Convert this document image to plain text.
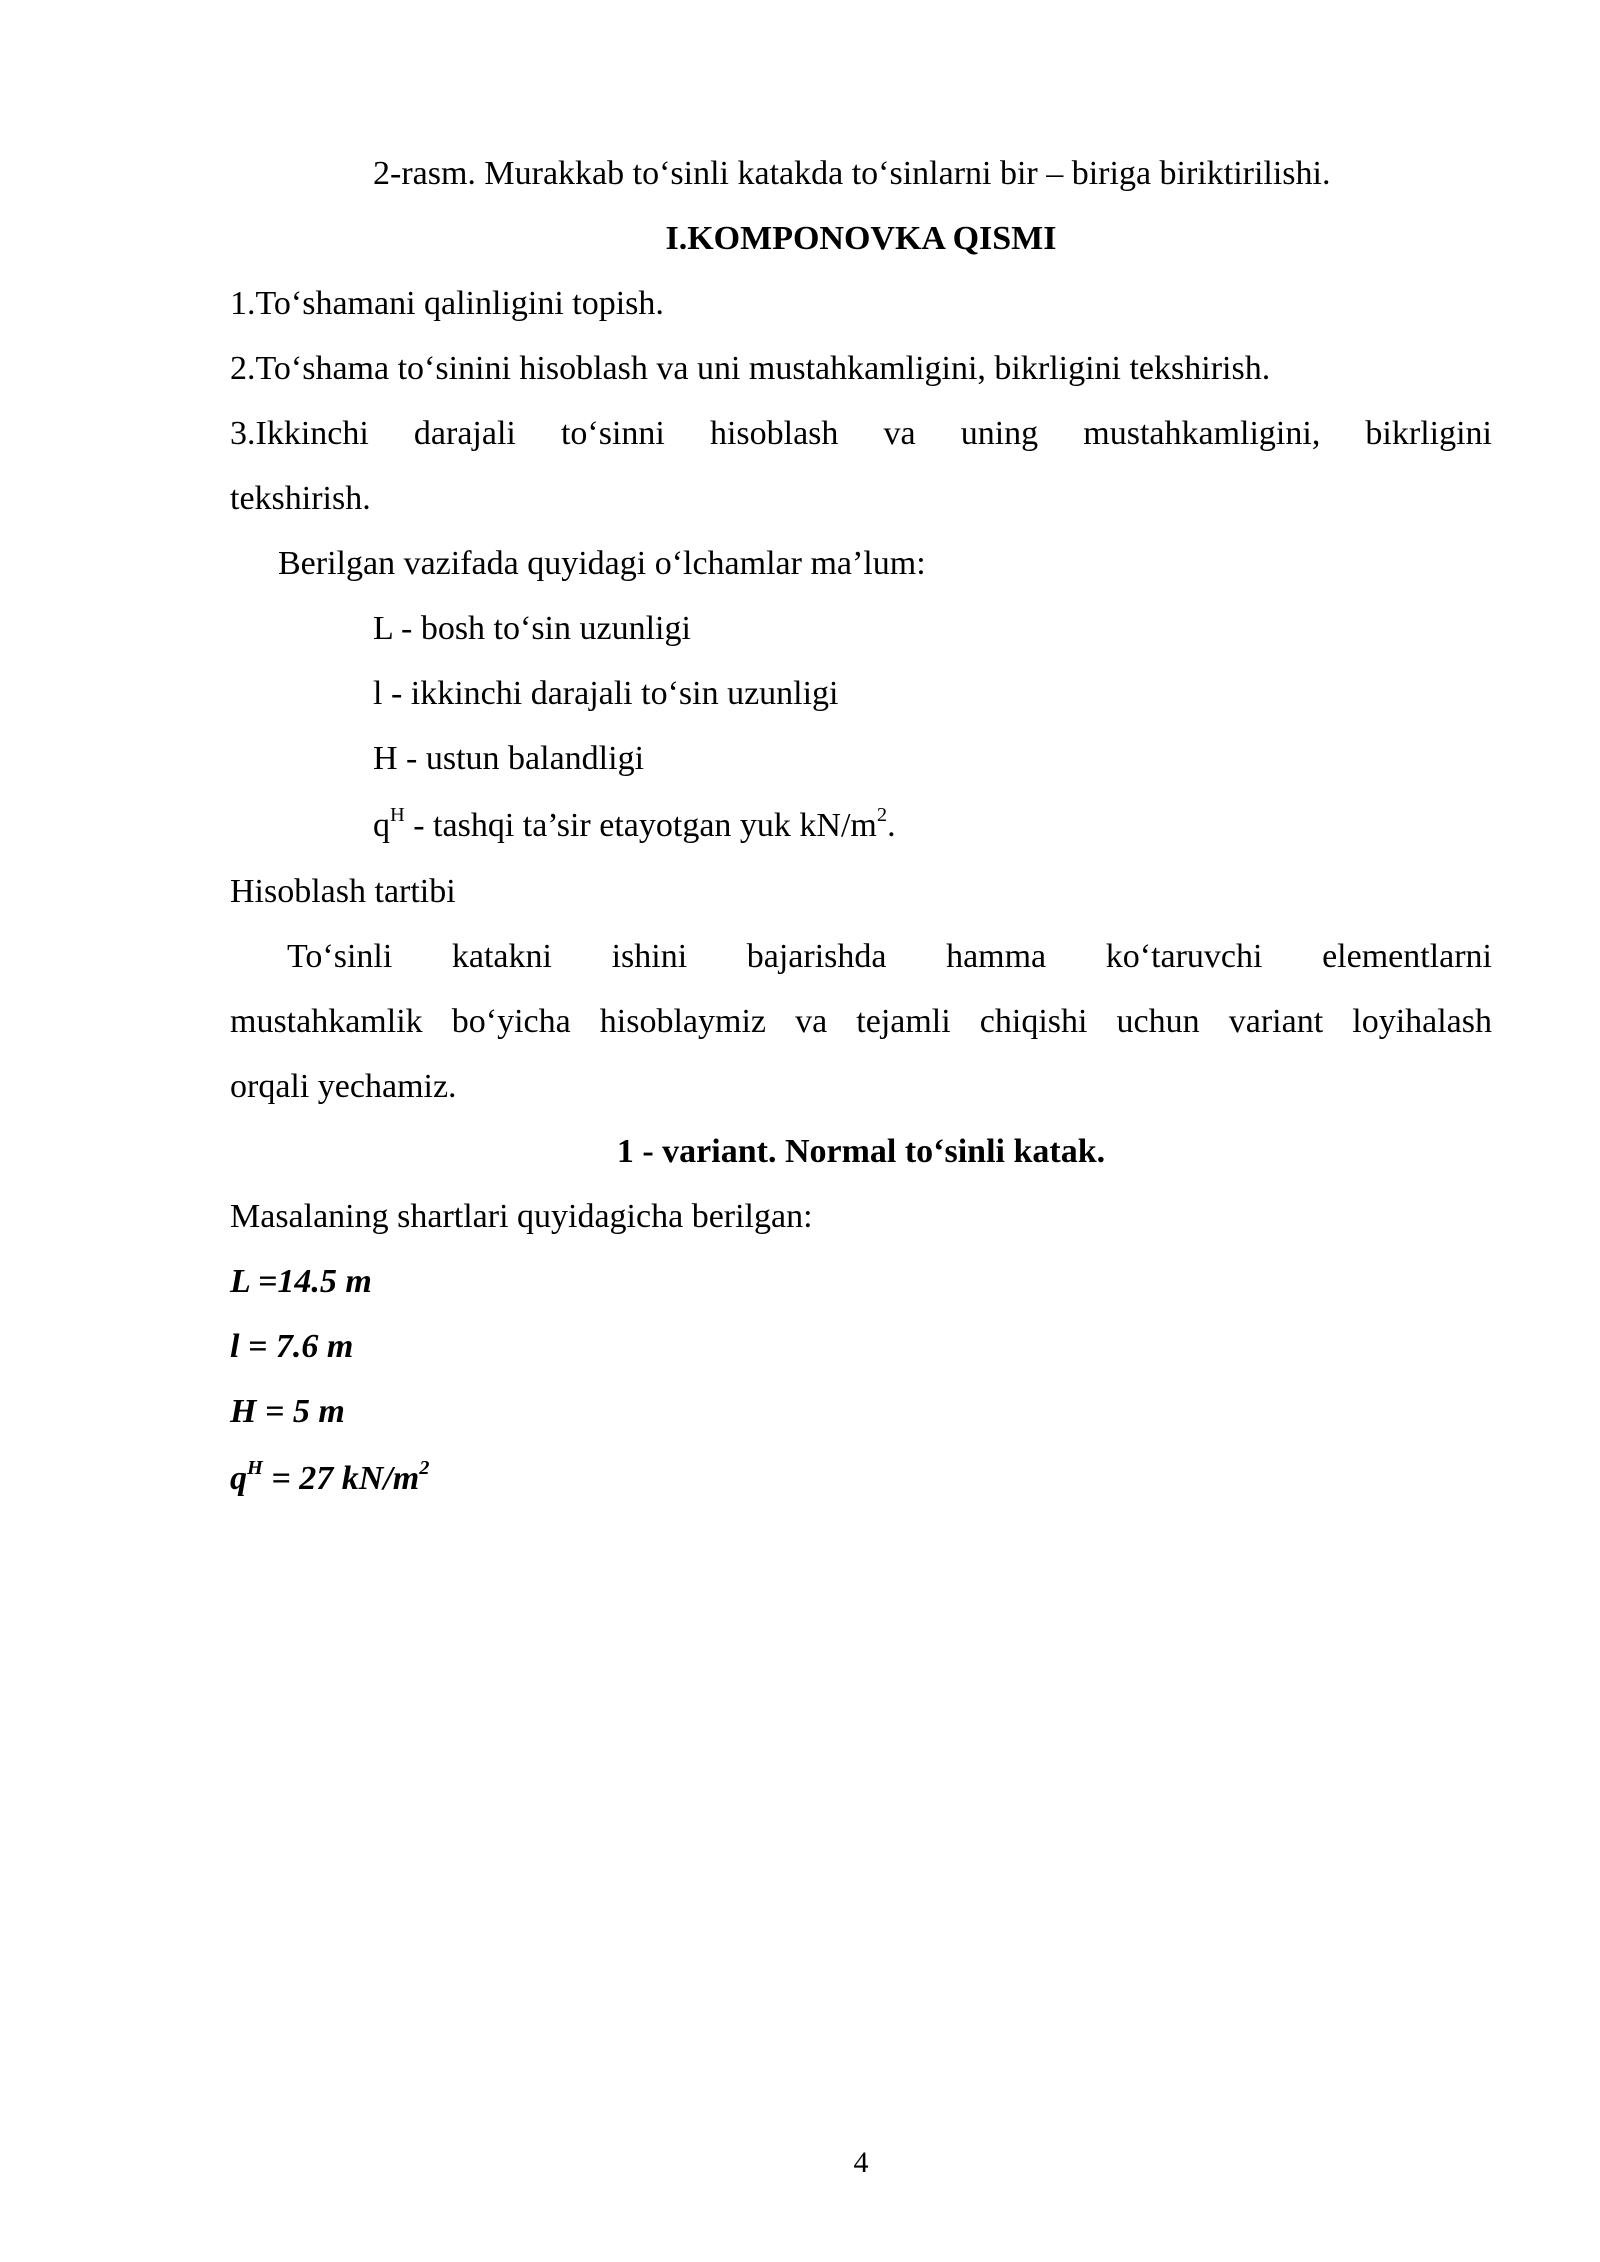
2-rasm. Murakkab to‘sinli katakda to‘sinlarni bir – biriga biriktirilishi.
I.KOMPONOVKA QISMI
1.To‘shamani qalinligini topish.
2.To‘shama to‘sinini hisoblash va uni mustahkamligini, bikrligini tekshirish.
3.Ikkinchi darajali to‘sinni hisoblash va uning mustahkamligini, bikrligini
tekshirish.
Berilgan vazifada quyidagi o‘lchamlar ma’lum:
L - bosh to‘sin uzunligi
l - ikkinchi darajali to‘sin uzunligi
H - ustun balandligi
$q^H$ - tashqi ta’sir etayotgan yuk $kN/m^2$.
Hisoblash tartibi
To‘sinli katakni ishini bajarishda hamma ko‘taruvchi elementlarni
mustahkamlik bo‘yicha hisoblaymiz va tejamli chiqishi uchun variant loyihalash
orqali yechamiz.
1 - variant. Normal to‘sinli katak.
Masalaning shartlari quyidagicha berilgan:
L =14.5 m
l = 7.6 m
H = 5 m
$q^H = 27$ $kN/m^2$
4
